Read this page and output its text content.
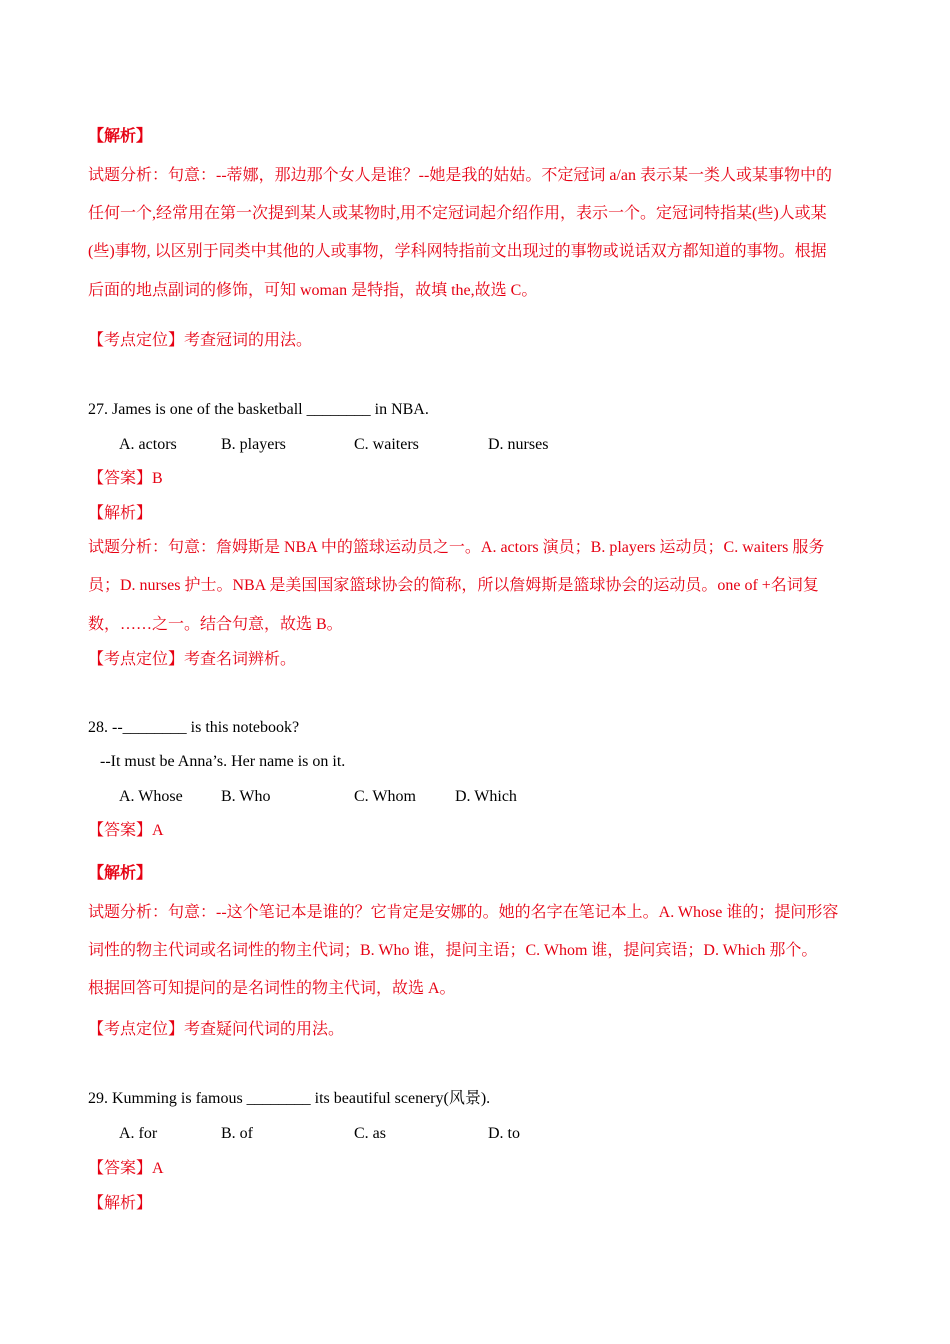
【解析】
试题分析：句意：--蒂娜，那边那个女人是谁？--她是我的姑姑。不定冠词 a/an 表示某一类人或某事物中的
任何一个,经常用在第一次提到某人或某物时,用不定冠词起介绍作用，表示一个。定冠词特指某(些)人或某
(些)事物, 以区别于同类中其他的人或事物，学科网特指前文出现过的事物或说话双方都知道的事物。根据
后面的地点副词的修饰，可知 woman 是特指，故填 the,故选 C。
【考点定位】考查冠词的用法。
27. James is one of the basketball ________ in NBA.
A. actors	B. players	C. waiters	D. nurses
【答案】B
【解析】
试题分析：句意：詹姆斯是 NBA 中的篮球运动员之一。A. actors 演员；B. players 运动员；C. waiters 服务
员；D. nurses 护士。NBA 是美国国家篮球协会的简称，所以詹姆斯是篮球协会的运动员。one of +名词复
数，……之一。结合句意，故选 B。
【考点定位】考查名词辨析。
28. --________ is this notebook?
--It must be Anna’s. Her name is on it.
A. Whose B. Who	C. Whom D. Which
【答案】A
【解析】
试题分析：句意：--这个笔记本是谁的？它肯定是安娜的。她的名字在笔记本上。A. Whose 谁的；提问形容
词性的物主代词或名词性的物主代词；B. Who 谁，提问主语；C. Whom 谁，提问宾语；D. Which 那个。
根据回答可知提问的是名词性的物主代词，故选 A。
【考点定位】考查疑问代词的用法。
29. Kumming is famous ________ its beautiful scenery(风景).
A. for	B. of	C. as	D. to
【答案】A
【解析】
